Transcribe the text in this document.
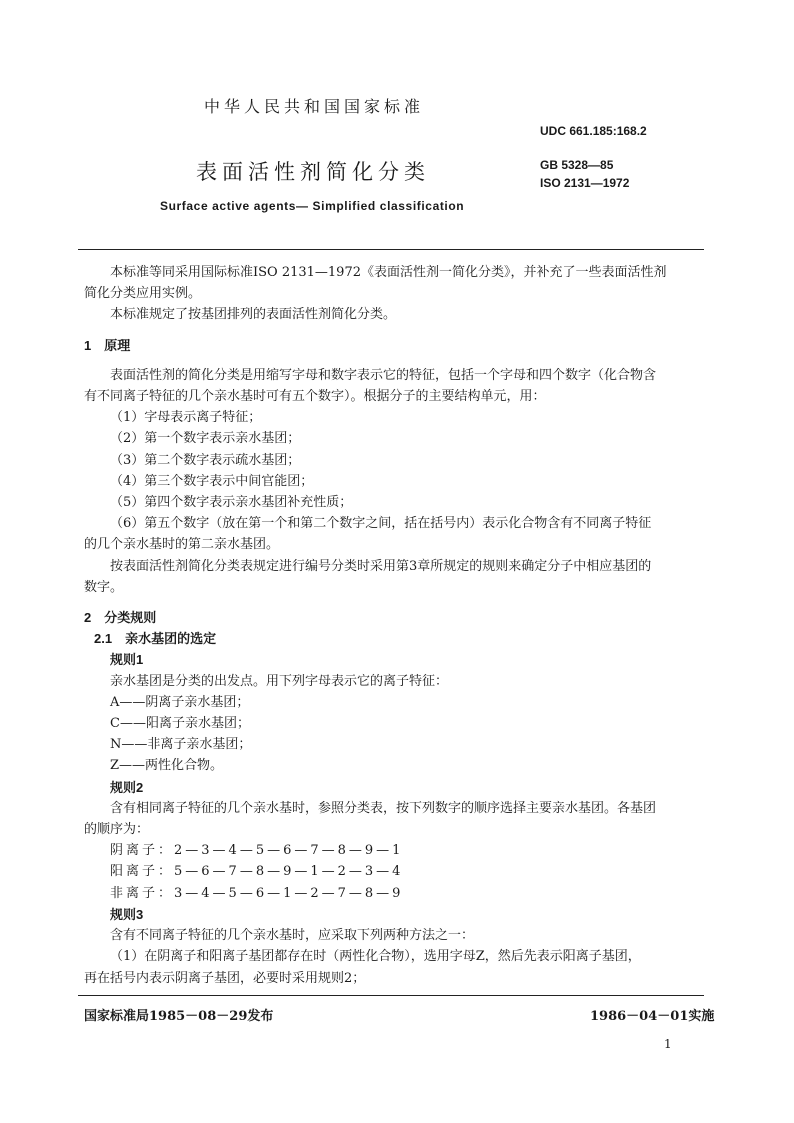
中华人民共和国国家标准
UDC 661.185:168.2
表面活性剂简化分类	GB 5328—85
ISO 2131—1972
Surface active agents— Simplified classification

本标准等同采用国际标准ISO 2131—1972《表面活性剂一简化分类》，并补充了一些表面活性剂

简化分类应用实例。

本标准规定了按基团排列的表面活性剂简化分类。

1　原理

表面活性剂的简化分类是用缩写字母和数字表示它的特征，包括一个字母和四个数字（化合物含

有不同离子特征的几个亲水基时可有五个数字）。根据分子的主要结构单元，用：

（1）字母表示离子特征；

（2）第一个数字表示亲水基团；

（3）第二个数字表示疏水基团；

（4）第三个数字表示中间官能团；

（5）第四个数字表示亲水基团补充性质；

（6）第五个数字（放在第一个和第二个数字之间，括在括号内）表示化合物含有不同离子特征

的几个亲水基时的第二亲水基团。

按表面活性剂简化分类表规定进行编号分类时采用第3章所规定的规则来确定分子中相应基团的

数字。

2　分类规则

2.1　亲水基团的选定

规则1

亲水基团是分类的出发点。用下列字母表示它的离子特征：

A——阴离子亲水基团；

C——阳离子亲水基团；

N——非离子亲水基团；

Z——两性化合物。

规则2

含有相同离子特征的几个亲水基时，参照分类表，按下列数字的顺序选择主要亲水基团。各基团

的顺序为：

阴离子：2—3—4—5—6—7—8—9—1

阳离子：5—6—7—8—9—1—2—3—4

非离子：3—4—5—6—1—2—7—8—9

规则3

含有不同离子特征的几个亲水基时，应采取下列两种方法之一：

（1）在阴离子和阳离子基团都存在时（两性化合物），选用字母Z，然后先表示阳离子基团，

再在括号内表示阴离子基团，必要时采用规则2；

国家标准局1985－08－29发布	1986－04－01实施
1
